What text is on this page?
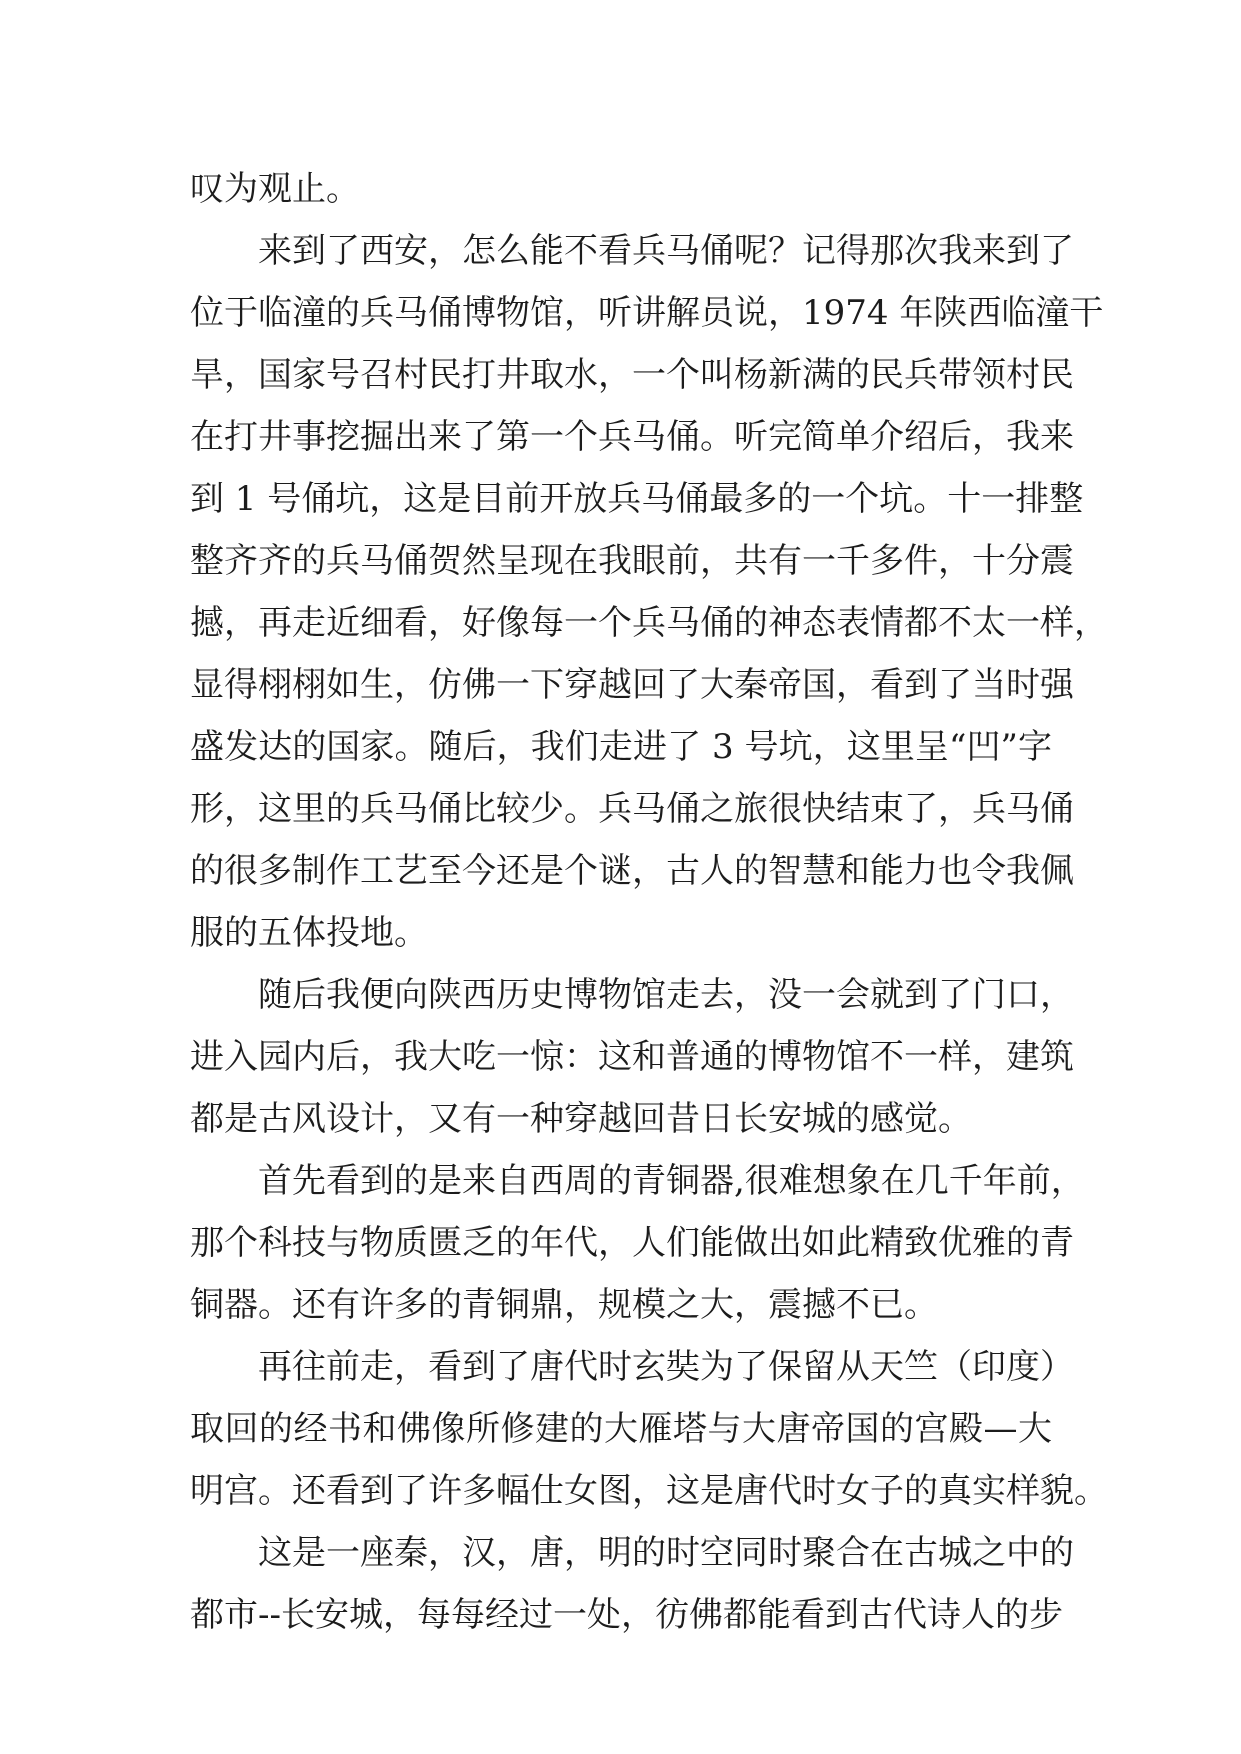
叹为观止。
来到了西安，怎么能不看兵马俑呢？记得那次我来到了
位于临潼的兵马俑博物馆，听讲解员说，1974 年陕西临潼干
旱，国家号召村民打井取水，一个叫杨新满的民兵带领村民
在打井事挖掘出来了第一个兵马俑。听完简单介绍后，我来
到 1 号俑坑，这是目前开放兵马俑最多的一个坑。十一排整
整齐齐的兵马俑贺然呈现在我眼前，共有一千多件，十分震
撼，再走近细看，好像每一个兵马俑的神态表情都不太一样，
显得栩栩如生，仿佛一下穿越回了大秦帝国，看到了当时强
盛发达的国家。随后，我们走进了 3 号坑，这里呈“凹”字
形，这里的兵马俑比较少。兵马俑之旅很快结束了，兵马俑
的很多制作工艺至今还是个谜，古人的智慧和能力也令我佩
服的五体投地。
随后我便向陕西历史博物馆走去，没一会就到了门口，
进入园内后，我大吃一惊：这和普通的博物馆不一样，建筑
都是古风设计，又有一种穿越回昔日长安城的感觉。
首先看到的是来自西周的青铜器,很难想象在几千年前，
那个科技与物质匮乏的年代，人们能做出如此精致优雅的青
铜器。还有许多的青铜鼎，规模之大，震撼不已。
再往前走，看到了唐代时玄奘为了保留从天竺（印度）
取回的经书和佛像所修建的大雁塔与大唐帝国的宫殿—大
明宫。还看到了许多幅仕女图，这是唐代时女子的真实样貌。
这是一座秦，汉，唐，明的时空同时聚合在古城之中的
都市--长安城，每每经过一处，彷佛都能看到古代诗人的步
